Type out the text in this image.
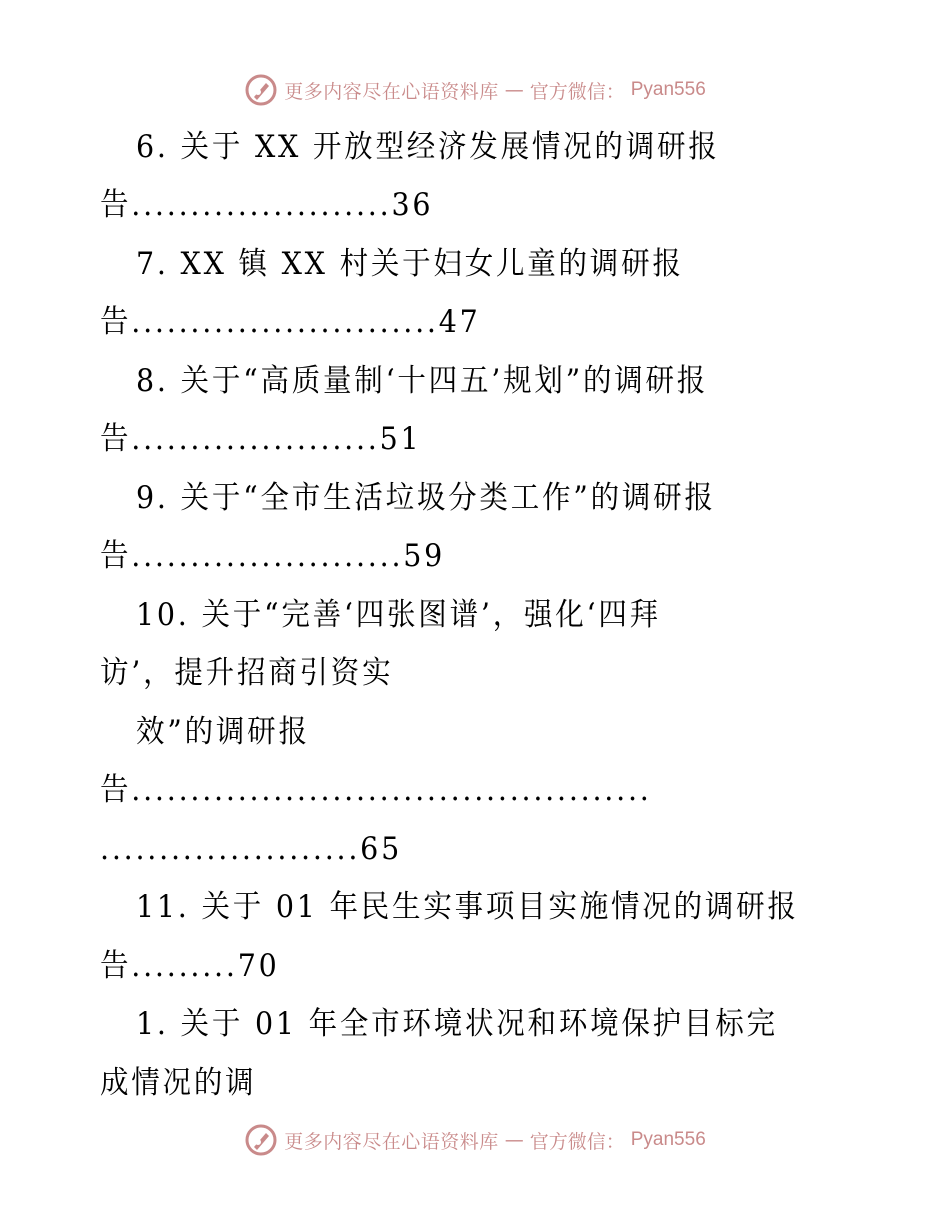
更多内容尽在心语资料库 — 官方微信： Pyan556
6. 关于 XX 开放型经济发展情况的调研报
告......................36
7. XX 镇 XX 村关于妇女儿童的调研报
告..........................47
8. 关于“高质量制‘十四五’规划”的调研报
告.....................51
9. 关于“全市生活垃圾分类工作”的调研报
告.......................59
10. 关于“完善‘四张图谱’，强化‘四拜
访’，提升招商引资实
效”的调研报
告............................................
......................65
11. 关于 01 年民生实事项目实施情况的调研报
告.........70
1. 关于 01 年全市环境状况和环境保护目标完
成情况的调
更多内容尽在心语资料库 — 官方微信： Pyan556
